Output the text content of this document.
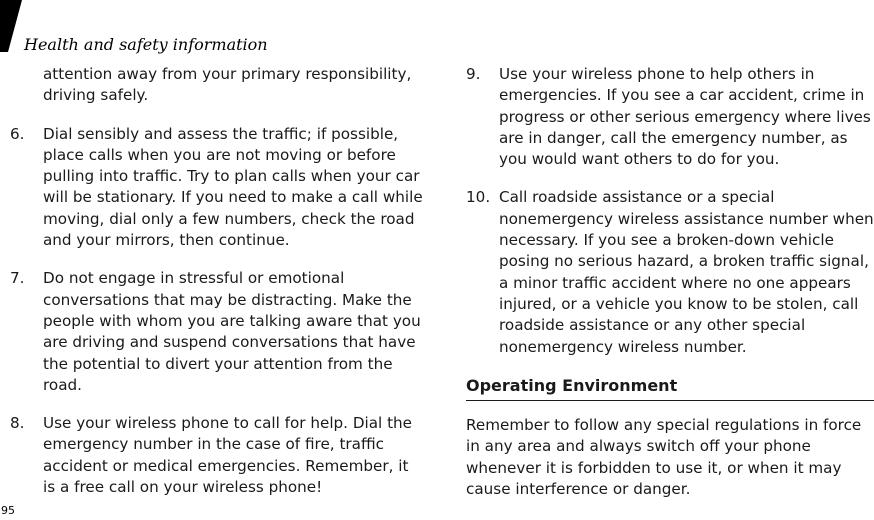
Health and safety information
attention away from your primary responsibility, driving safely.
6. Dial sensibly and assess the traffic; if possible, place calls when you are not moving or before pulling into traffic. Try to plan calls when your car will be stationary. If you need to make a call while moving, dial only a few numbers, check the road and your mirrors, then continue.
7. Do not engage in stressful or emotional conversations that may be distracting. Make the people with whom you are talking aware that you are driving and suspend conversations that have the potential to divert your attention from the road.
8. Use your wireless phone to call for help. Dial the emergency number in the case of fire, traffic accident or medical emergencies. Remember, it is a free call on your wireless phone!
9. Use your wireless phone to help others in emergencies. If you see a car accident, crime in progress or other serious emergency where lives are in danger, call the emergency number, as you would want others to do for you.
10. Call roadside assistance or a special nonemergency wireless assistance number when necessary. If you see a broken-down vehicle posing no serious hazard, a broken traffic signal, a minor traffic accident where no one appears injured, or a vehicle you know to be stolen, call roadside assistance or any other special nonemergency wireless number.
Operating Environment
Remember to follow any special regulations in force in any area and always switch off your phone whenever it is forbidden to use it, or when it may cause interference or danger.
95
